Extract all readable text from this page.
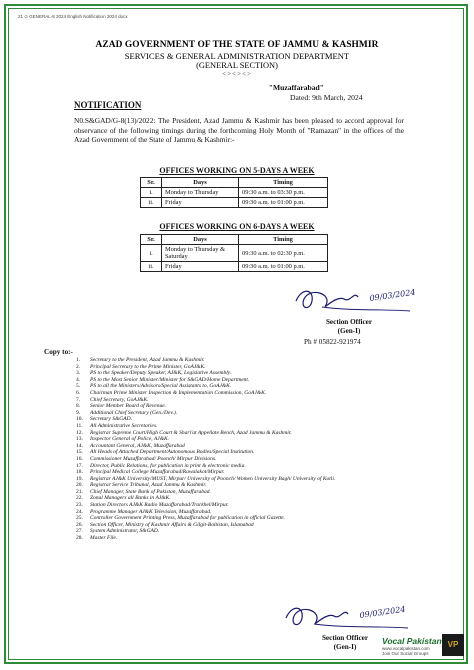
21 ⊙ GENERAL-8 2024 English Notification 2024 docx
AZAD GOVERNMENT OF THE STATE OF JAMMU & KASHMIR
SERVICES & GENERAL ADMINISTRATION DEPARTMENT
(GENERAL SECTION)
<><><>
"Muzaffarabad"
Dated: 9th March, 2024
NOTIFICATION
N0.S&GAD/G-8(13)/2022: The President, Azad Jammu & Kashmir has been pleased to accord approval for observance of the following timings during the forthcoming Holy Month of "Ramazan" in the offices of the Azad Government of the State of Jammu & Kashmir:-
OFFICES WORKING ON 5-DAYS A WEEK
Sr.	Days	Timing
i.	Monday to Thursday	09:30 a.m. to 03:30 p.m.
ii.	Friday	09:30 a.m. to 01:00 p.m.
OFFICES WORKING ON 6-DAYS A WEEK
Sr.	Days	Timing
i.	Monday to Thursday & Saturday	09:30 a.m. to 02:30 p.m.
ii.	Friday	09:30 a.m. to 01:00 p.m.
09/03/2024
Section Officer
(Gen-I)
Ph # 05822-921974
Copy to:-
1. Secretary to the President, Azad Jammu & Kashmir.
2. Principal Secretary to the Prime Minister, GoAJ&K.
3. PS to the Speaker/Deputy Speaker, AJ&K, Legislative Assembly.
4. PS to the Most Senior Minister/Minister for S&GAD/Home Department.
5. PS to all the Ministers/Advisors/Special Assistants to, GoAJ&K.
6. Chairman Prime Minister Inspection & Implementation Commission, GoAJ&K.
7. Chief Secretary, GoAJ&K.
8. Senior Member Board of Revenue.
9. Additional Chief Secretary (Gen./Dev.).
10. Secretary S&GAD.
11. All Administrative Secretaries.
12. Registrar Supreme Court/High Court & Shari'at Appellate Bench, Azad Jammu & Kashmir.
13. Inspector General of Police, AJ&K.
14. Accountant General, AJ&K, Muzaffarabad
15. All Heads of Attached Department/Autonomous Bodies/Special Institution.
16. Commissioner Muzaffarabad/ Poonch/ Mirpur Divisions.
17. Director, Public Relations, for publication in print & electronic media.
18. Principal Medical College Muzaffarabad/Rawalakot/Mirpur.
19. Registrar AJ&K University/MUST, Mirpur/ University of Poonch/ Women University Bagh/ University of Kotli.
20. Registrar Service Tribunal, Azad Jammu & Kashmir.
21. Chief Manager, State Bank of Pakistan, Muzaffarabad.
22. Zonal Managers all Banks in AJ&K.
23. Station Directors AJ&K Radio Muzaffarabad/Trarkhel/Mirpur.
24. Programme Manager AJ&K Television, Muzaffarabad.
25. Controller Government Printing Press, Muzaffarabad for publication in official Gazette.
26. Section Officer, Ministry of Kashmir Affairs & Gilgit-Baltistan, Islamabad
27. System Administrator, S&GAD.
28. Master File.
09/03/2024
Section Officer
(Gen-I)
Vocal Pakistan
www.vocalpakistan.com
Join Our Social Groups
VP
